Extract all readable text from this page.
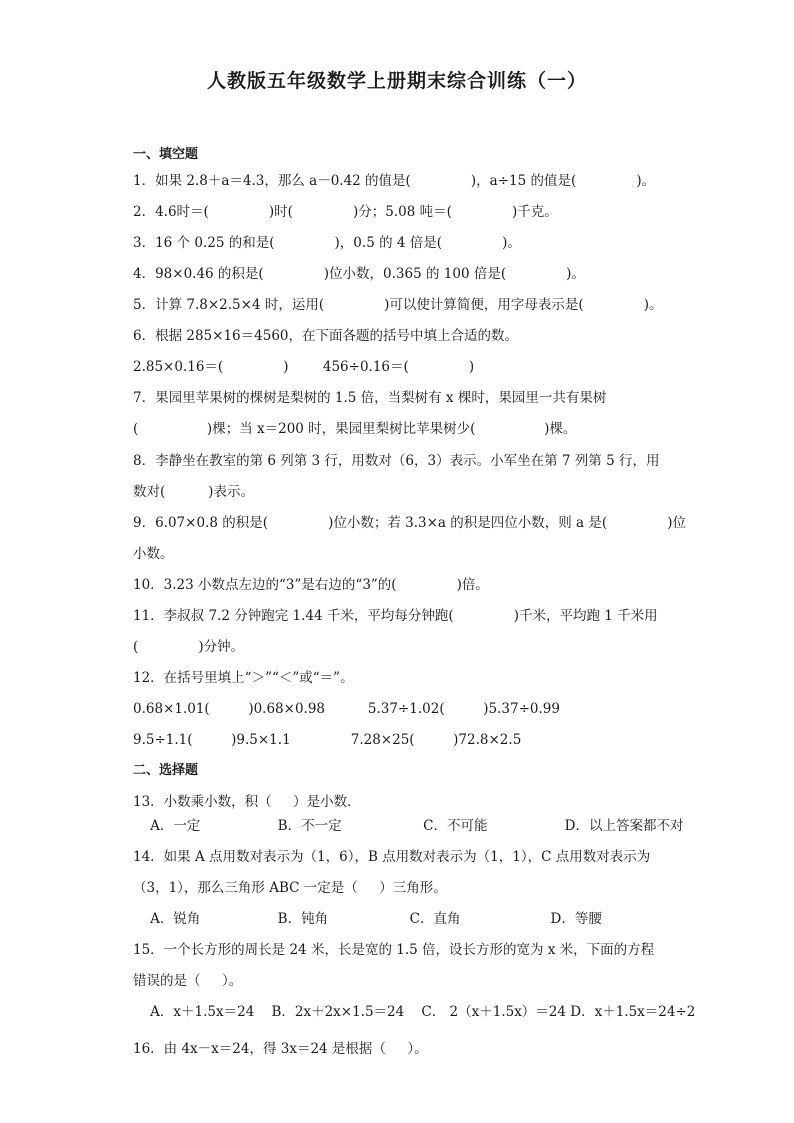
人教版五年级数学上册期末综合训练（一）
一、填空题
1．如果 2.8＋a＝4.3，那么 a－0.42 的值是(              )，a÷15 的值是(              )。
2．4.6时＝(              )时(              )分；5.08 吨＝(              )千克。
3．16 个 0.25 的和是(              )，0.5 的 4 倍是(              )。
4．98×0.46 的积是(              )位小数，0.365 的 100 倍是(              )。
5．计算 7.8×2.5×4 时，运用(              )可以使计算简便，用字母表示是(              )。
6．根据 285×16＝4560，在下面各题的括号中填上合适的数。
2.85×0.16＝(              )        456÷0.16＝(              )
7．果园里苹果树的棵树是梨树的 1.5 倍，当梨树有 x 棵时，果园里一共有果树
(                )棵；当 x＝200 时，果园里梨树比苹果树少(                )棵。
8．李静坐在教室的第 6 列第 3 行，用数对（6，3）表示。小军坐在第 7 列第 5 行，用
数对(          )表示。
9．6.07×0.8 的积是(              )位小数；若 3.3×a 的积是四位小数，则 a 是(              )位
小数。
10．3.23 小数点左边的“3”是右边的“3”的(              )倍。
11．李叔叔 7.2 分钟跑完 1.44 千米，平均每分钟跑(              )千米，平均跑 1 千米用
(              )分钟。
12．在括号里填上“＞”“＜”或“＝”。
0.68×1.01(         )0.68×0.98          5.37÷1.02(         )5.37÷0.99
9.5÷1.1(         )9.5×1.1              7.28×25(         )72.8×2.5
二、选择题
13．小数乘小数，积（     ）是小数．
A．一定                  B．不一定                   C．不可能                  D．以上答案都不对
14．如果 A 点用数对表示为（1，6），B 点用数对表示为（1，1），C 点用数对表示为
（3，1），那么三角形 ABC 一定是（     ）三角形。
A．锐角                  B．钝角                   C．直角                     D．等腰
15．一个长方形的周长是 24 米，长是宽的 1.5 倍，设长方形的宽为 x 米，下面的方程
错误的是（     ）。
A．x＋1.5x＝24    B．2x＋2x×1.5＝24    C． 2（x＋1.5x）＝24 D．x＋1.5x＝24÷2
16．由 4x－x＝24，得 3x＝24 是根据（     ）。
